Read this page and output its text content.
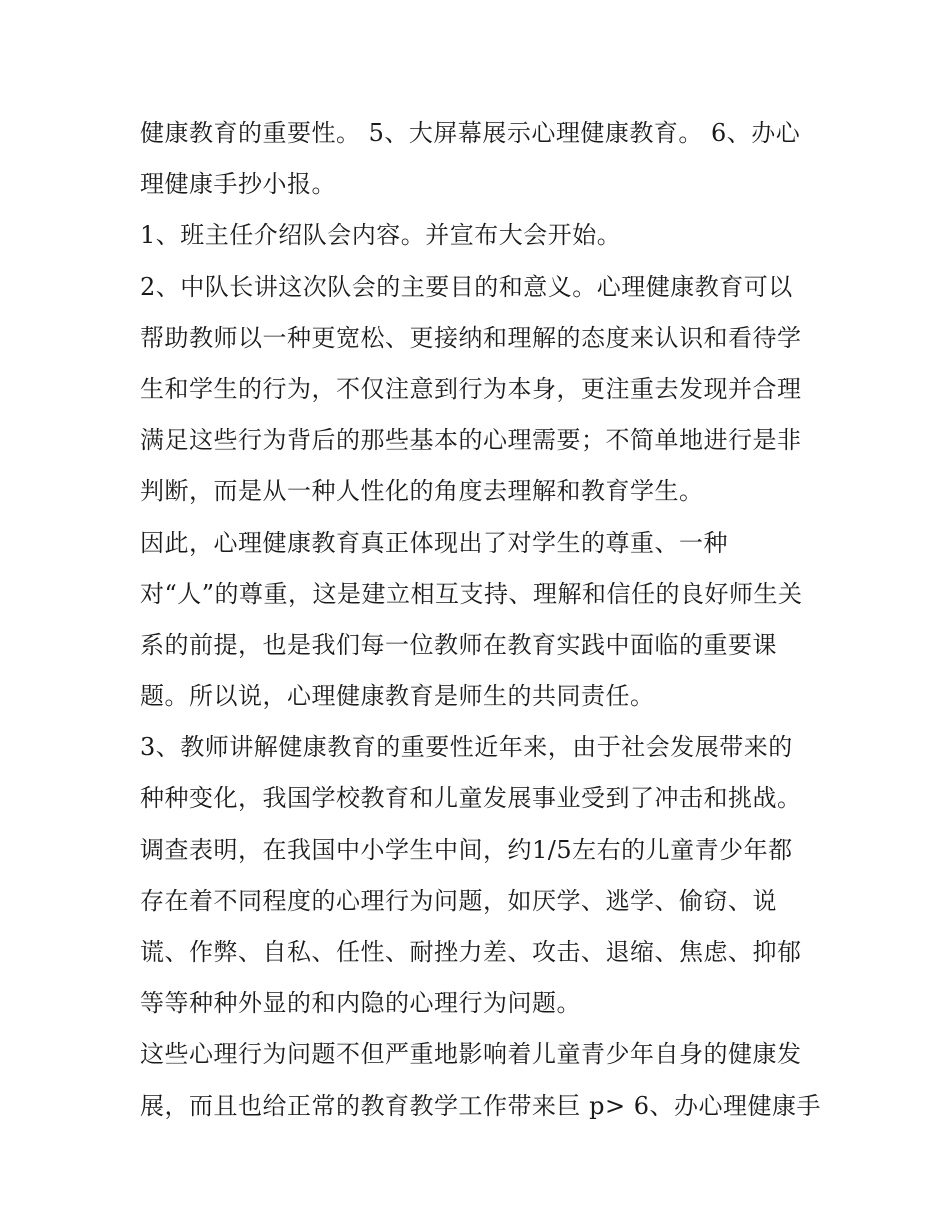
健康教育的重要性。 5、大屏幕展示心理健康教育。 6、办心
理健康手抄小报。
1、班主任介绍队会内容。并宣布大会开始。
2、中队长讲这次队会的主要目的和意义。心理健康教育可以
帮助教师以一种更宽松、更接纳和理解的态度来认识和看待学
生和学生的行为，不仅注意到行为本身，更注重去发现并合理
满足这些行为背后的那些基本的心理需要；不简单地进行是非
判断，而是从一种人性化的角度去理解和教育学生。
因此，心理健康教育真正体现出了对学生的尊重、一种
对“人”的尊重，这是建立相互支持、理解和信任的良好师生关
系的前提，也是我们每一位教师在教育实践中面临的重要课
题。所以说，心理健康教育是师生的共同责任。
3、教师讲解健康教育的重要性近年来，由于社会发展带来的
种种变化，我国学校教育和儿童发展事业受到了冲击和挑战。
调查表明，在我国中小学生中间，约1/5左右的儿童青少年都
存在着不同程度的心理行为问题，如厌学、逃学、偷窃、说
谎、作弊、自私、任性、耐挫力差、攻击、退缩、焦虑、抑郁
等等种种外显的和内隐的心理行为问题。
这些心理行为问题不但严重地影响着儿童青少年自身的健康发
展，而且也给正常的教育教学工作带来巨 p> 6、办心理健康手
